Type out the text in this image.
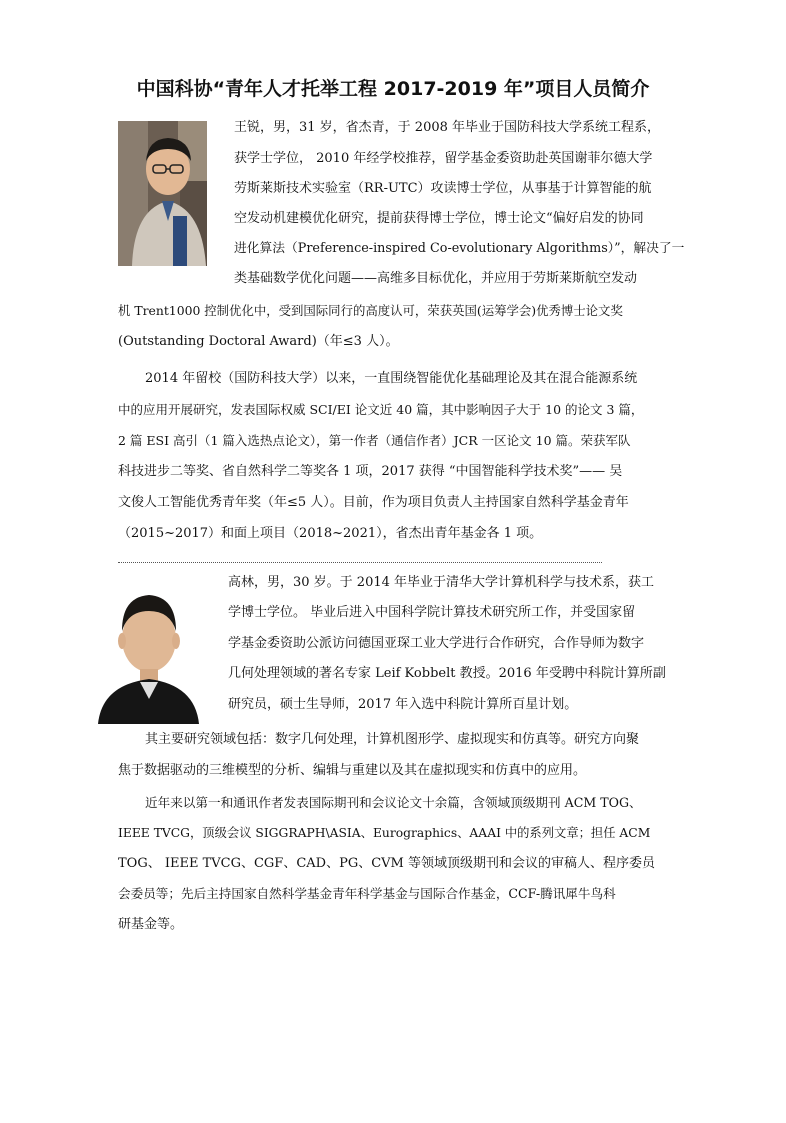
中国科协“青年人才托举工程 2017-2019 年”项目人员简介
王锐，男，31 岁，省杰青，于 2008 年毕业于国防科技大学系统工程系，
获学士学位， 2010 年经学校推荐，留学基金委资助赴英国谢菲尔德大学
劳斯莱斯技术实验室（RR-UTC）攻读博士学位，从事基于计算智能的航
空发动机建模优化研究，提前获得博士学位，博士论文“偏好启发的协同
进化算法（Preference-inspired Co-evolutionary Algorithms）”，解决了一
类基础数学优化问题——高维多目标优化，并应用于劳斯莱斯航空发动
机 Trent1000 控制优化中，受到国际同行的高度认可，荣获英国(运筹学会)优秀博士论文奖
(Outstanding Doctoral Award)（年≤3 人）。
2014 年留校（国防科技大学）以来，一直围绕智能优化基础理论及其在混合能源系统
中的应用开展研究，发表国际权威 SCI/EI 论文近 40 篇，其中影响因子大于 10 的论文 3 篇，
2 篇 ESI 高引（1 篇入选热点论文），第一作者（通信作者）JCR 一区论文 10 篇。荣获军队
科技进步二等奖、省自然科学二等奖各 1 项，2017 获得 “中国智能科学技术奖”—— 吴
文俊人工智能优秀青年奖（年≤5 人）。目前，作为项目负责人主持国家自然科学基金青年
（2015~2017）和面上项目（2018~2021），省杰出青年基金各 1 项。
高林，男，30 岁。于 2014 年毕业于清华大学计算机科学与技术系，获工
学博士学位。 毕业后进入中国科学院计算技术研究所工作，并受国家留
学基金委资助公派访问德国亚琛工业大学进行合作研究，合作导师为数字
几何处理领域的著名专家 Leif Kobbelt 教授。2016 年受聘中科院计算所副
研究员，硕士生导师，2017 年入选中科院计算所百星计划。
其主要研究领域包括：数字几何处理，计算机图形学、虚拟现实和仿真等。研究方向聚
焦于数据驱动的三维模型的分析、编辑与重建以及其在虚拟现实和仿真中的应用。
近年来以第一和通讯作者发表国际期刊和会议论文十余篇，含领域顶级期刊 ACM TOG、
IEEE TVCG，顶级会议 SIGGRAPH\ASIA、Eurographics、AAAI 中的系列文章；担任 ACM
TOG、 IEEE TVCG、CGF、CAD、PG、CVM 等领域顶级期刊和会议的审稿人、程序委员
会委员等；先后主持国家自然科学基金青年科学基金与国际合作基金，CCF-腾讯犀牛鸟科
研基金等。
